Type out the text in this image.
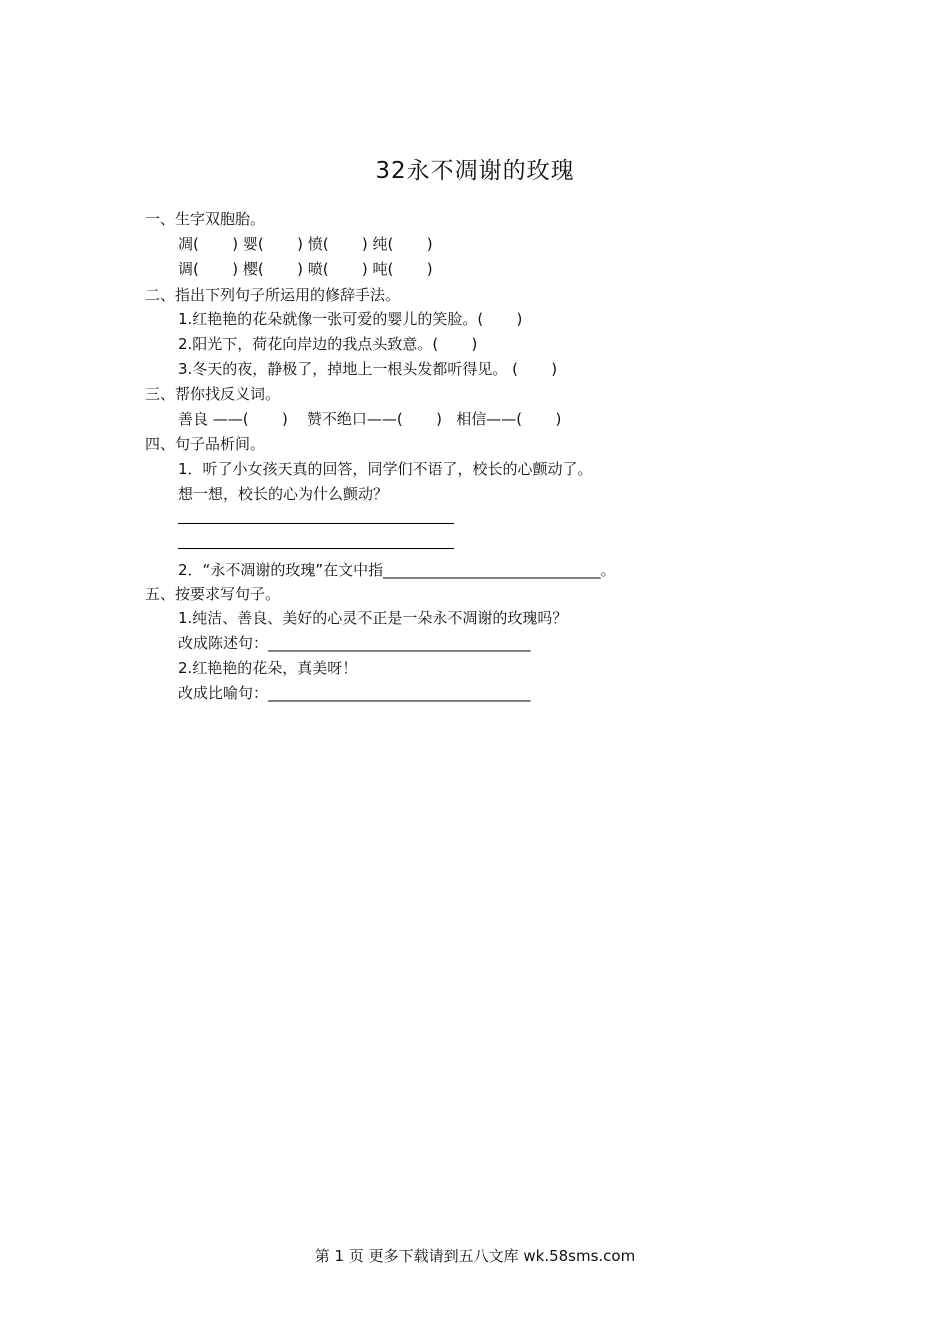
32永不凋谢的玫瑰
一、生字双胞胎。
凋(       ) 婴(       ) 愤(       ) 纯(       )
调(       ) 樱(       ) 喷(       ) 吨(       )
二、指出下列句子所运用的修辞手法。
1.红艳艳的花朵就像一张可爱的婴儿的笑脸。(       )
2.阳光下，荷花向岸边的我点头致意。(       )
3.冬天的夜，静极了，掉地上一根头发都听得见。 (       )
三、帮你找反义词。
善良 ——(       )    赞不绝口——(       )   相信——(       )
四、句子品析间。
1．听了小女孩天真的回答，同学们不语了，校长的心颤动了。
想一想，校长的心为什么颤动？
2．“永不凋谢的玫瑰”在文中指_____________________________。
五、按要求写句子。
1.纯洁、善良、美好的心灵不正是一朵永不凋谢的玫瑰吗？
改成陈述句：___________________________________
2.红艳艳的花朵，真美呀！
改成比喻句：___________________________________
第 1 页 更多下载请到五八文库 wk.58sms.com
